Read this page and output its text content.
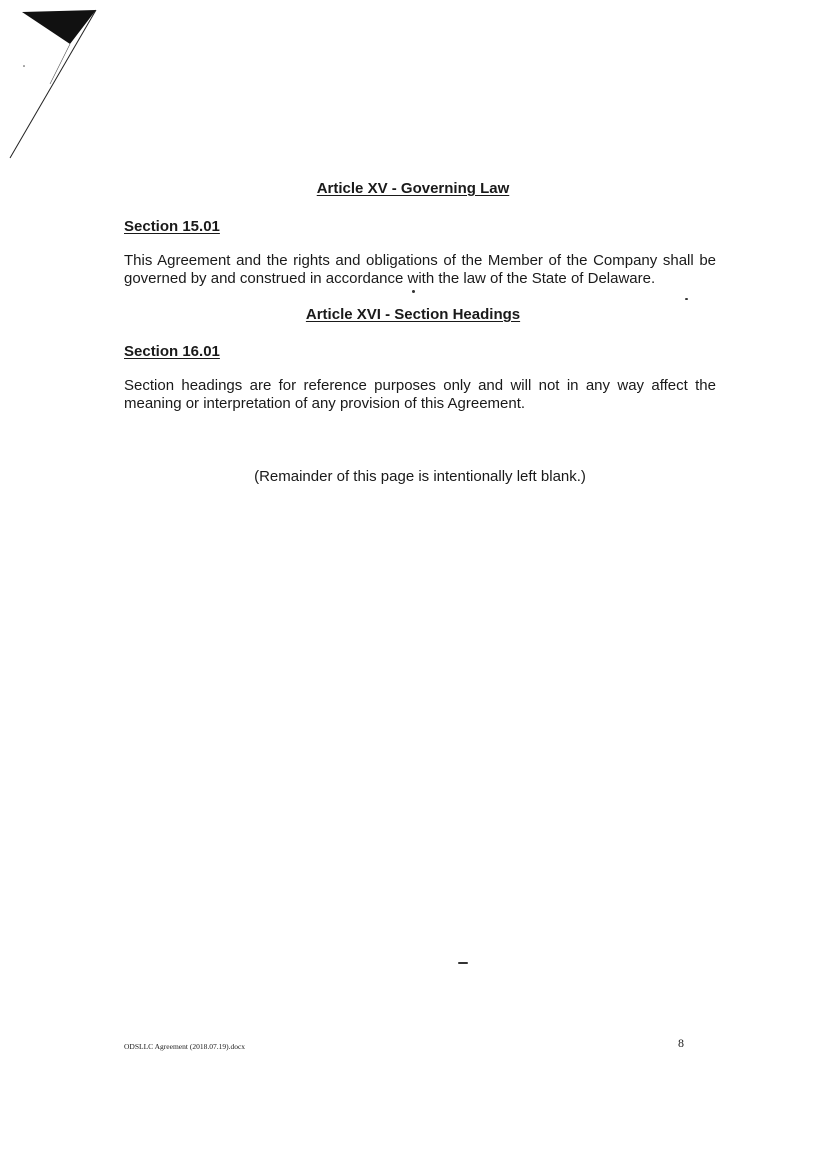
Article XV - Governing Law
Section 15.01

This Agreement and the rights and obligations of the Member of the Company shall be governed by and construed in accordance with the law of the State of Delaware.

Article XVI - Section Headings
Section 16.01

Section headings are for reference purposes only and will not in any way affect the meaning or interpretation of any provision of this Agreement.

(Remainder of this page is intentionally left blank.)

ODSLLC Agreement (2018.07.19).docx	8
